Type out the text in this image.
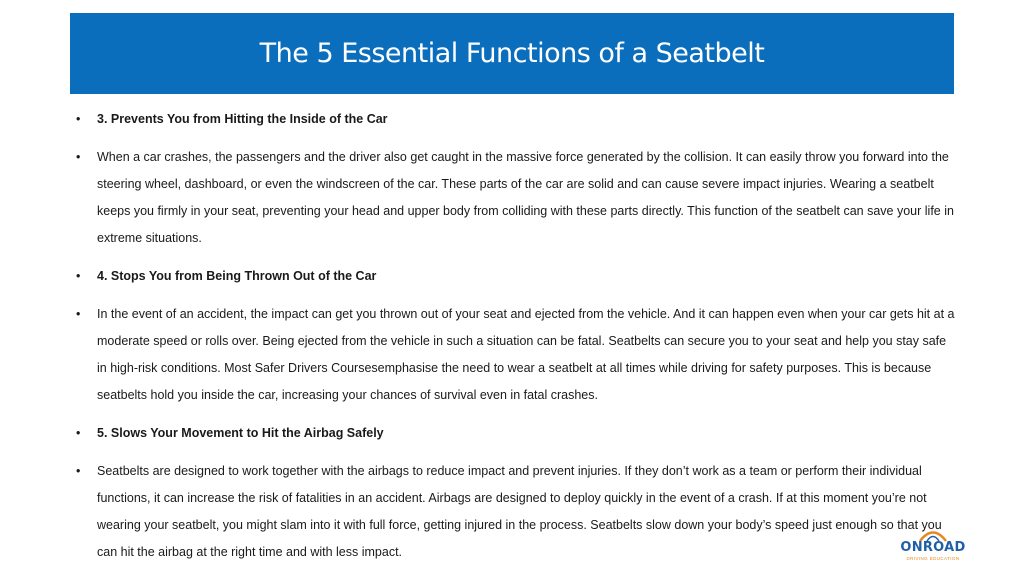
The 5 Essential Functions of a Seatbelt
•	3. Prevents You from Hitting the Inside of the Car
•	When a car crashes, the passengers and the driver also get caught in the massive force generated by the collision. It can easily throw you forward into the steering wheel, dashboard, or even the windscreen of the car. These parts of the car are solid and can cause severe impact injuries. Wearing a seatbelt keeps you firmly in your seat, preventing your head and upper body from colliding with these parts directly. This function of the seatbelt can save your life in extreme situations.
•	4. Stops You from Being Thrown Out of the Car
•	In the event of an accident, the impact can get you thrown out of your seat and ejected from the vehicle. And it can happen even when your car gets hit at a moderate speed or rolls over. Being ejected from the vehicle in such a situation can be fatal. Seatbelts can secure you to your seat and help you stay safe in high-risk conditions. Most Safer Drivers Coursesemphasise the need to wear a seatbelt at all times while driving for safety purposes. This is because seatbelts hold you inside the car, increasing your chances of survival even in fatal crashes.
•	5. Slows Your Movement to Hit the Airbag Safely
•	Seatbelts are designed to work together with the airbags to reduce impact and prevent injuries. If they don’t work as a team or perform their individual functions, it can increase the risk of fatalities in an accident. Airbags are designed to deploy quickly in the event of a crash. If at this moment you’re not wearing your seatbelt, you might slam into it with full force, getting injured in the process. Seatbelts slow down your body’s speed just enough so that you can hit the airbag at the right time and with less impact.	ONROAD
DRIVING EDUCATION
